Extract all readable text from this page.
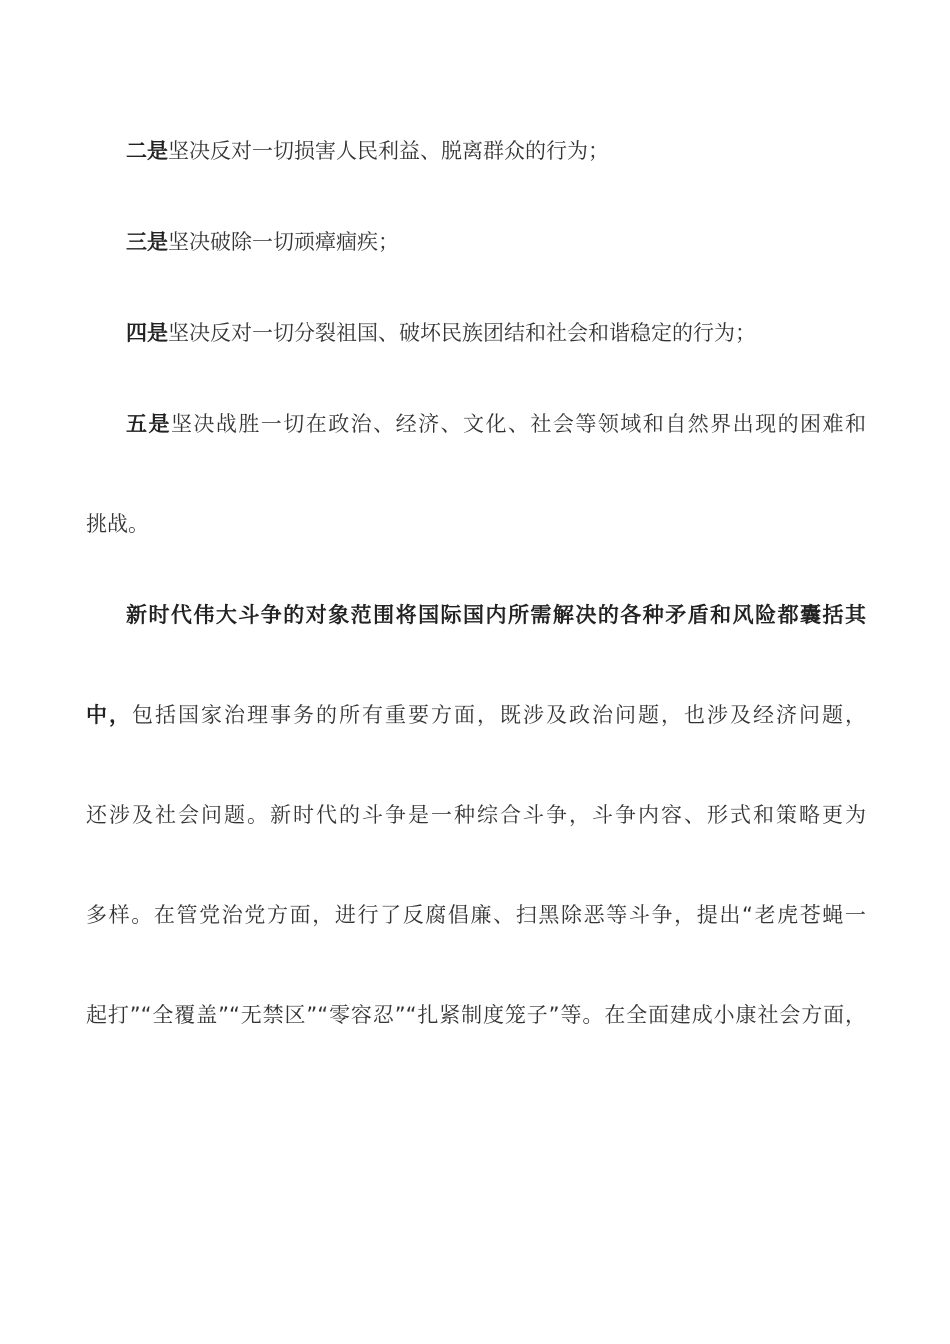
二是坚决反对一切损害人民利益、脱离群众的行为；
三是坚决破除一切顽瘴痼疾；
四是坚决反对一切分裂祖国、破坏民族团结和社会和谐稳定的行为；
五是坚决战胜一切在政治、经济、文化、社会等领域和自然界出现的困难和
挑战。
新时代伟大斗争的对象范围将国际国内所需解决的各种矛盾和风险都囊括其
中，包括国家治理事务的所有重要方面，既涉及政治问题，也涉及经济问题，
还涉及社会问题。新时代的斗争是一种综合斗争，斗争内容、形式和策略更为
多样。在管党治党方面，进行了反腐倡廉、扫黑除恶等斗争，提出“老虎苍蝇一
起打”“全覆盖”“无禁区”“零容忍”“扎紧制度笼子”等。在全面建成小康社会方面，
